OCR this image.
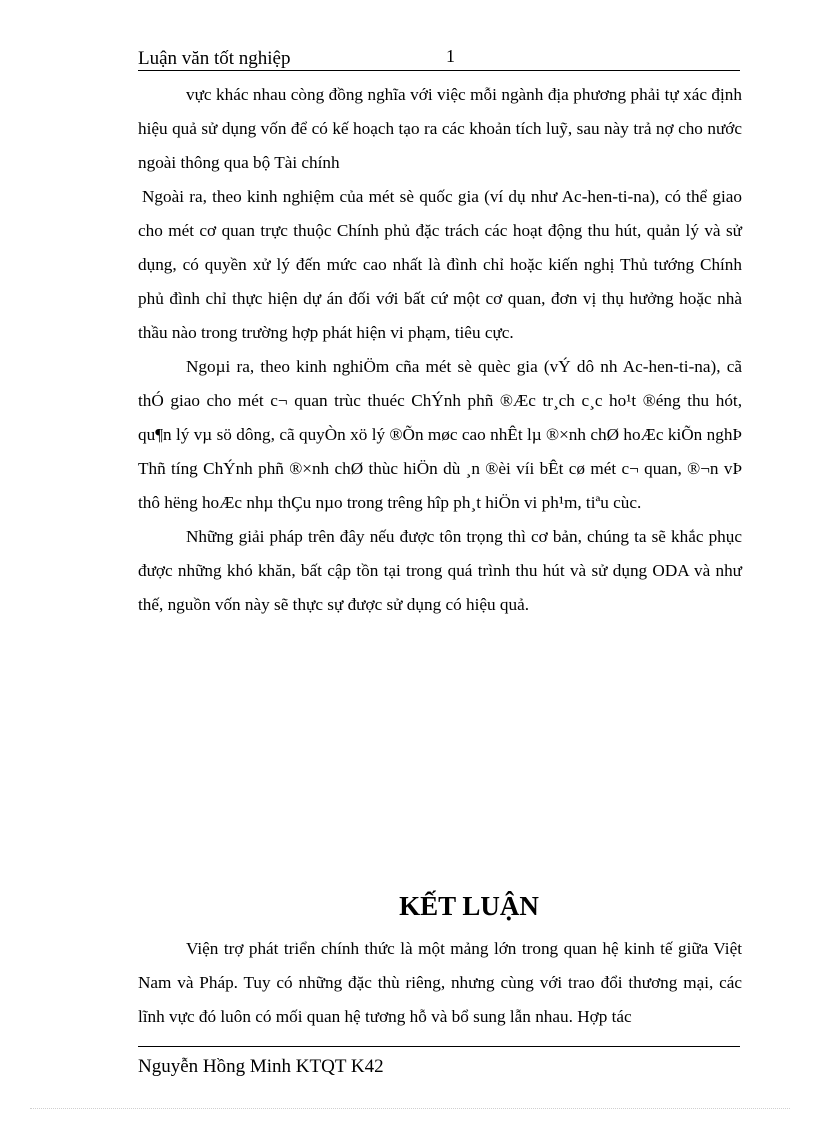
Luận văn tốt nghiệp	1

vực khác nhau còng đồng nghĩa với việc mỗi ngành địa phương phải tự xác định hiệu quả sử dụng vốn để có kế hoạch tạo ra các khoản tích luỹ, sau này trả nợ cho nước ngoài thông qua bộ Tài chính

Ngoài ra, theo kinh nghiệm của mét sè quốc gia (ví dụ như Ac-hen-ti-na), có thể giao cho mét cơ quan trực thuộc Chính phủ đặc trách các hoạt động thu hút, quản lý và sử dụng, có quyền xử lý đến mức cao nhất là đình chỉ hoặc kiến nghị Thủ tướng Chính phủ đình chỉ thực hiện dự án đối với bất cứ một cơ quan, đơn vị thụ hưởng hoặc nhà thầu nào trong trường hợp phát hiện vi phạm, tiêu cực.

Ngoµi ra, theo kinh nghiÖm cña mét sè quèc gia (vÝ dô nh Ac-hen-ti-na), cã thÓ giao cho mét c¬ quan trùc thuéc ChÝnh phñ ®Æc tr¸ch c¸c ho¹t ®éng thu hót, qu¶n lý vµ sö dông, cã quyÒn xö lý ®Õn møc cao nhÊt lµ ®×nh chØ hoÆc kiÕn nghÞ Thñ tíng ChÝnh phñ ®×nh chØ thùc hiÖn dù ¸n ®èi víi bÊt cø mét c¬ quan, ®¬n vÞ thô hëng hoÆc nhµ thÇu nµo trong trêng hîp ph¸t hiÖn vi ph¹m, tiªu cùc.

Những giải pháp trên đây nếu được tôn trọng thì cơ bản, chúng ta sẽ khắc phục được những khó khăn, bất cập tồn tại trong quá trình thu hút và sử dụng ODA và như thế, nguồn vốn này sẽ thực sự được sử dụng có hiệu quả.

KẾT LUẬN

Viện trợ phát triển chính thức là một mảng lớn trong quan hệ kinh tế giữa Việt Nam và Pháp. Tuy có những đặc thù riêng, nhưng cùng với trao đổi thương mại, các lĩnh vực đó luôn có mối quan hệ tương hỗ và bổ sung lẫn nhau. Hợp tác

Nguyễn Hồng Minh KTQT K42
